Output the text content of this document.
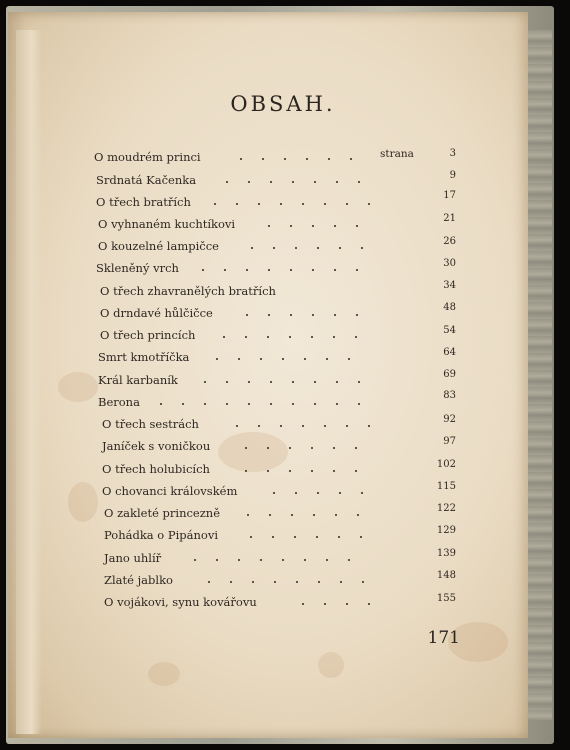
OBSAH.
strana
O moudrém princi	3
Srdnatá Kačenka	9
O třech bratřích	17
O vyhnaném kuchtíkovi	21
O kouzelné lampičce	26
Skleněný vrch	30
O třech zhavranělých bratřích	34
O drndavé hůlčičce	48
O třech princích	54
Smrt kmotříčka	64
Král karbaník	69
Berona	83
O třech sestrách	92
Janíček s voničkou	97
O třech holubicích	102
O chovanci královském	115
O zakleté princezně	122
Pohádka o Pipánovi	129
Jano uhlíř	139
Zlaté jablko	148
O vojákovi, synu kovářovu	155
171
